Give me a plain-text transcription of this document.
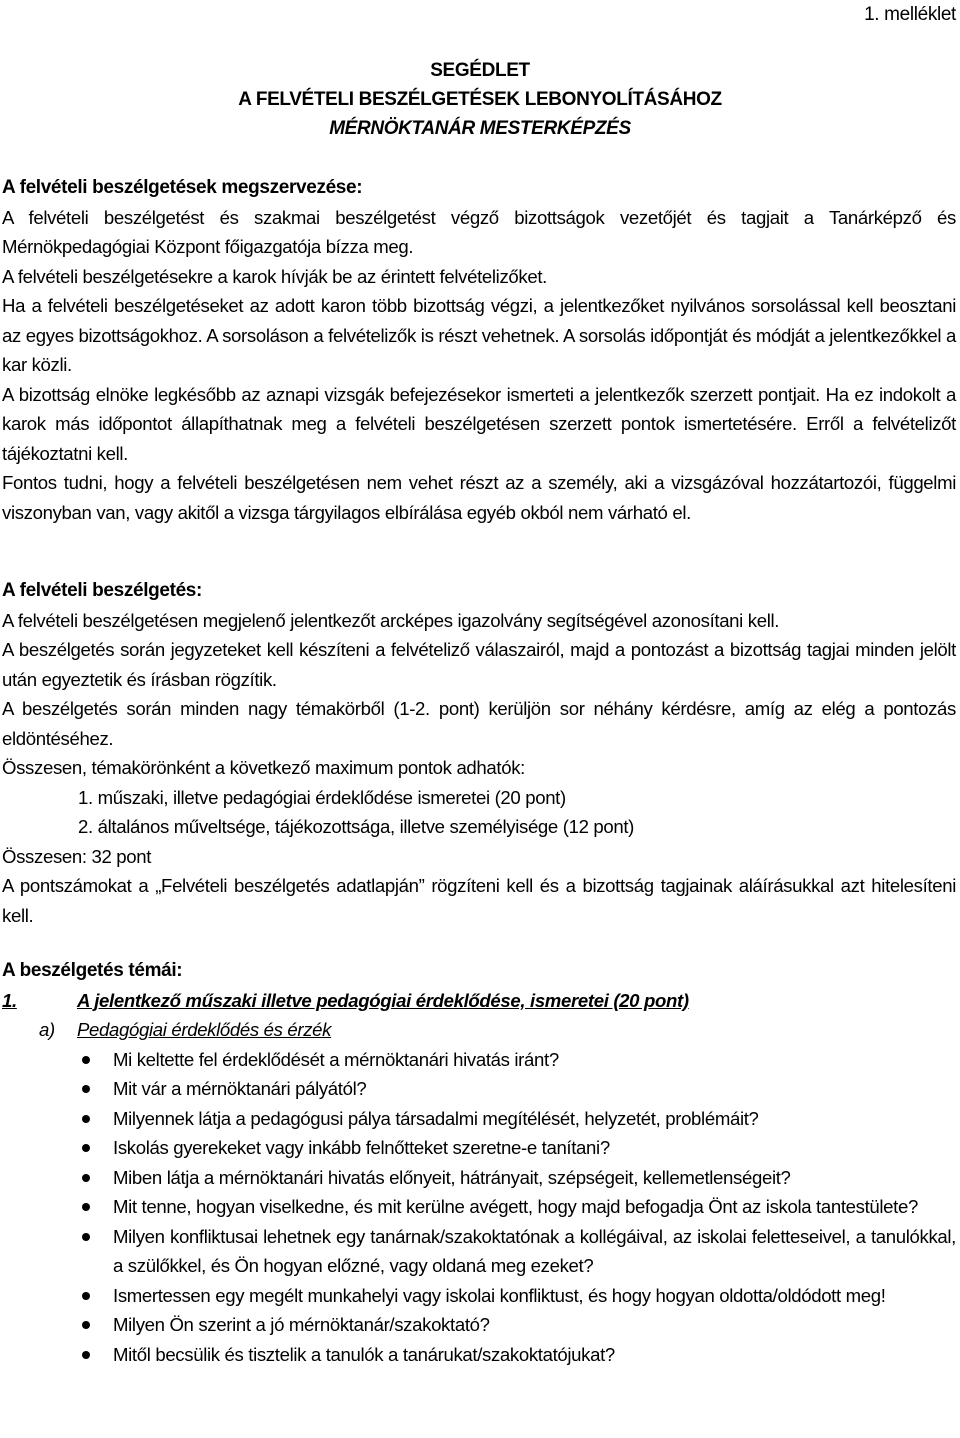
1. melléklet

SEGÉDLET
A FELVÉTELI BESZÉLGETÉSEK LEBONYOLÍTÁSÁHOZ
MÉRNÖKTANÁR MESTERKÉPZÉS
A felvételi beszélgetések megszervezése:

A felvételi beszélgetést és szakmai beszélgetést végző bizottságok vezetőjét és tagjait a Tanárképző és Mérnökpedagógiai Központ főigazgatója bízza meg.

A felvételi beszélgetésekre a karok hívják be az érintett felvételizőket.

Ha a felvételi beszélgetéseket az adott karon több bizottság végzi, a jelentkezőket nyilvános sorsolással kell beosztani az egyes bizottságokhoz. A sorsoláson a felvételizők is részt vehetnek. A sorsolás időpontját és módját a jelentkezőkkel a kar közli.

A bizottság elnöke legkésőbb az aznapi vizsgák befejezésekor ismerteti a jelentkezők szerzett pontjait. Ha ez indokolt a karok más időpontot állapíthatnak meg a felvételi beszélgetésen szerzett pontok ismertetésére. Erről a felvételizőt tájékoztatni kell.

Fontos tudni, hogy a felvételi beszélgetésen nem vehet részt az a személy, aki a vizsgázóval hozzátartozói, függelmi viszonyban van, vagy akitől a vizsga tárgyilagos elbírálása egyéb okból nem várható el.

A felvételi beszélgetés:

A felvételi beszélgetésen megjelenő jelentkezőt arcképes igazolvány segítségével azonosítani kell.

A beszélgetés során jegyzeteket kell készíteni a felvételiző válaszairól, majd a pontozást a bizottság tagjai minden jelölt után egyeztetik és írásban rögzítik.

A beszélgetés során minden nagy témakörből (1-2. pont) kerüljön sor néhány kérdésre, amíg az elég a pontozás eldöntéséhez.

Összesen, témakörönként a következő maximum pontok adhatók:

1. műszaki, illetve pedagógiai érdeklődése ismeretei (20 pont)
2. általános műveltsége, tájékozottsága, illetve személyisége (12 pont)

Összesen: 32 pont

A pontszámokat a „Felvételi beszélgetés adatlapján” rögzíteni kell és a bizottság tagjainak aláírásukkal azt hitelesíteni kell.

A beszélgetés témái:
1.	A jelentkező műszaki illetve pedagógiai érdeklődése, ismeretei (20 pont)
a)	Pedagógiai érdeklődés és érzék
Mi keltette fel érdeklődését a mérnöktanári hivatás iránt?
Mit vár a mérnöktanári pályától?
Milyennek látja a pedagógusi pálya társadalmi megítélését, helyzetét, problémáit?
Iskolás gyerekeket vagy inkább felnőtteket szeretne-e tanítani?
Miben látja a mérnöktanári hivatás előnyeit, hátrányait, szépségeit, kellemetlenségeit?
Mit tenne, hogyan viselkedne, és mit kerülne avégett, hogy majd befogadja Önt az iskola tantestülete?
Milyen konfliktusai lehetnek egy tanárnak/szakoktatónak a kollégáival, az iskolai feletteseivel, a tanulókkal, a szülőkkel, és Ön hogyan előzné, vagy oldaná meg ezeket?
Ismertessen egy megélt munkahelyi vagy iskolai konfliktust, és hogy hogyan oldotta/oldódott meg!
Milyen Ön szerint a jó mérnöktanár/szakoktató?
Mitől becsülik és tisztelik a tanulók a tanárukat/szakoktatójukat?
